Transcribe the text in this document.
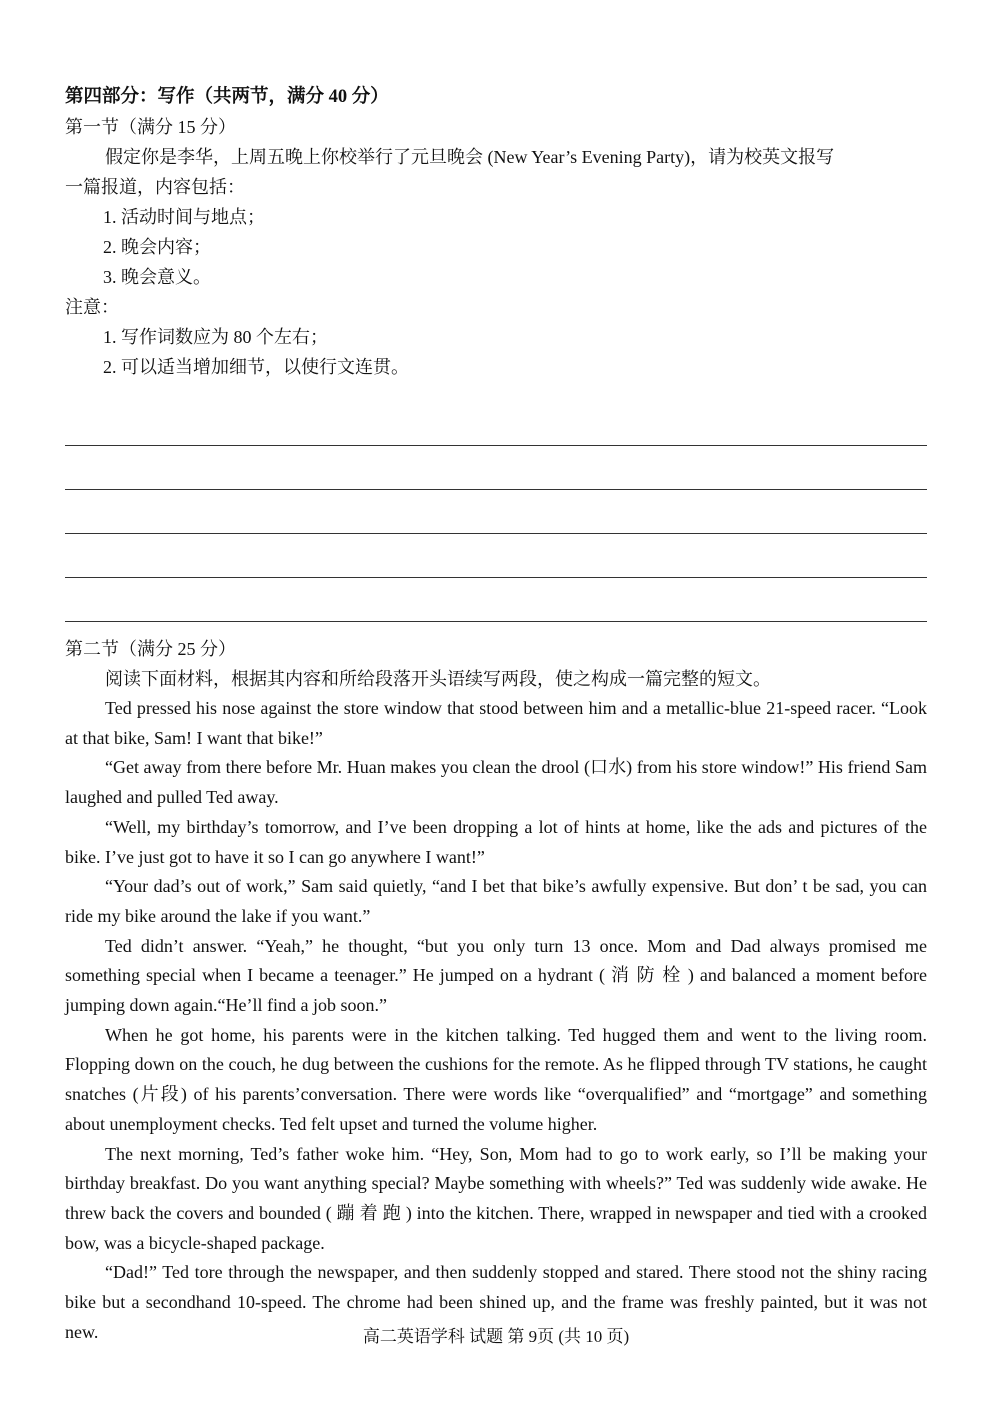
第四部分：写作（共两节，满分 40 分）
第一节（满分 15 分）
假定你是李华，上周五晚上你校举行了元旦晚会 (New Year’s Evening Party)，请为校英文报写
一篇报道，内容包括：
1. 活动时间与地点；
2. 晚会内容；
3. 晚会意义。
注意：
1. 写作词数应为 80 个左右；
2. 可以适当增加细节，以使行文连贯。
第二节（满分 25 分）
阅读下面材料，根据其内容和所给段落开头语续写两段，使之构成一篇完整的短文。

Ted pressed his nose against the store window that stood between him and a metallic-blue 21-speed racer. “Look at that bike, Sam! I want that bike!”

“Get away from there before Mr. Huan makes you clean the drool (口水) from his store window!” His friend Sam laughed and pulled Ted away.

“Well, my birthday’s tomorrow, and I’ve been dropping a lot of hints at home, like the ads and pictures of the bike. I’ve just got to have it so I can go anywhere I want!”

“Your dad’s out of work,” Sam said quietly, “and I bet that bike’s awfully expensive. But don’ t be sad, you can ride my bike around the lake if you want.”

Ted didn’t answer. “Yeah,” he thought, “but you only turn 13 once. Mom and Dad always promised me something special when I became a teenager.” He jumped on a hydrant ( 消 防 栓 ) and balanced a moment before jumping down again.“He’ll find a job soon.”

When he got home, his parents were in the kitchen talking. Ted hugged them and went to the living room. Flopping down on the couch, he dug between the cushions for the remote. As he flipped through TV stations, he caught snatches (片段) of his parents’conversation. There were words like “overqualified” and “mortgage” and something about unemployment checks. Ted felt upset and turned the volume higher.

The next morning, Ted’s father woke him. “Hey, Son, Mom had to go to work early, so I’ll be making your birthday breakfast. Do you want anything special? Maybe something with wheels?” Ted was suddenly wide awake. He threw back the covers and bounded ( 蹦 着 跑 ) into the kitchen. There, wrapped in newspaper and tied with a crooked bow, was a bicycle-shaped package.

“Dad!” Ted tore through the newspaper, and then suddenly stopped and stared. There stood not the shiny racing bike but a secondhand 10-speed. The chrome had been shined up, and the frame was freshly painted, but it was not new.	高二英语学科 试题 第 9页 (共 10 页)
